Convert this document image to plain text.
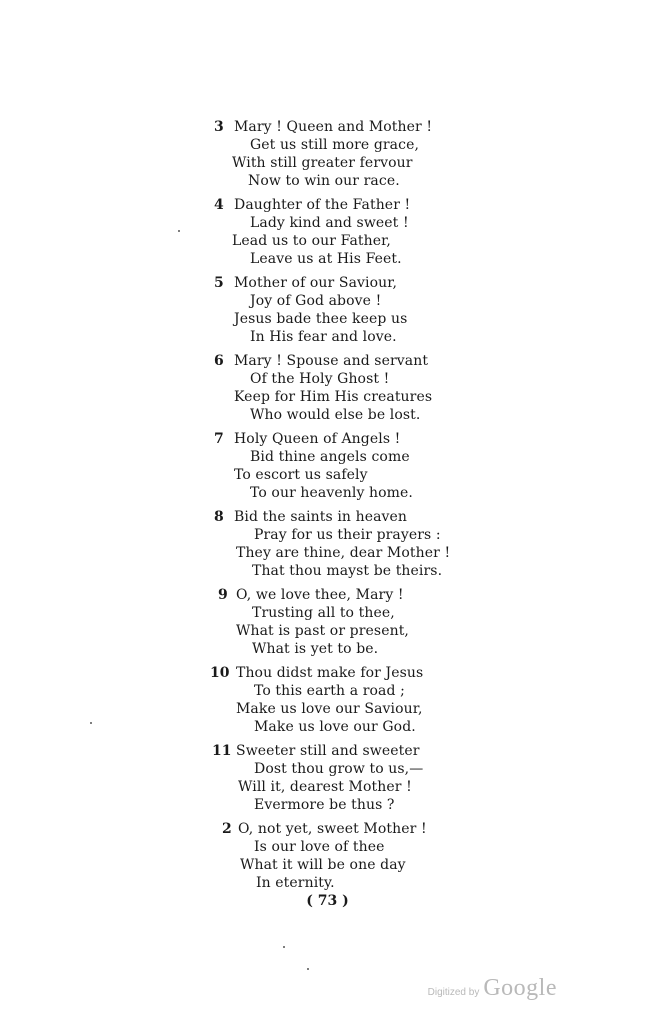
3 Mary ! Queen and Mother !
Get us still more grace,
With still greater fervour
Now to win our race.
4 Daughter of the Father !
Lady kind and sweet !
Lead us to our Father,
Leave us at His Feet.
5 Mother of our Saviour,
Joy of God above !
Jesus bade thee keep us
In His fear and love.
6 Mary ! Spouse and servant
Of the Holy Ghost !
Keep for Him His creatures
Who would else be lost.
7 Holy Queen of Angels !
Bid thine angels come
To escort us safely
To our heavenly home.
8 Bid the saints in heaven
Pray for us their prayers :
They are thine, dear Mother !
That thou mayst be theirs.
9 O, we love thee, Mary !
Trusting all to thee,
What is past or present,
What is yet to be.
10 Thou didst make for Jesus
To this earth a road ;
Make us love our Saviour,
Make us love our God.
11 Sweeter still and sweeter
Dost thou grow to us,—
Will it, dearest Mother !
Evermore be thus ?
2 O, not yet, sweet Mother !
Is our love of thee
What it will be one day
In eternity.
( 73 )
Digitized by Google
